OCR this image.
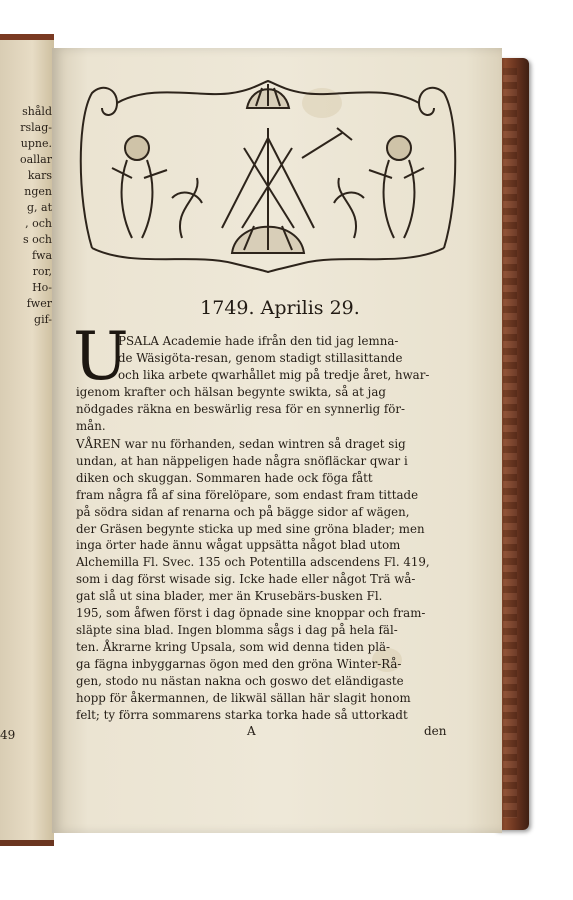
shåld
rslag-
upne.
oallar
kars
ngen
g, at
, och
s och
fwa
ror,
Ho-
fwer
gif-
49
1749. Aprilis 29.
U
PSALA Academie hade ifrån den tid jag lemna-
de Wäsigöta-resan, genom stadigt stillasittande
och lika arbete qwarhållet mig på tredje året, hwar-
igenom krafter och hälsan begynte swikta, så at jag
nödgades räkna en beswärlig resa för en synnerlig för-
mån.
VÅREN war nu förhanden, sedan wintren så draget sig
undan, at han näppeligen hade några snöfläckar qwar i
diken och skuggan. Sommaren hade ock föga fått
fram några få af sina förelöpare, som endast fram tittade
på södra sidan af renarna och på bägge sidor af wägen,
der Gräsen begynte sticka up med sine gröna blader; men
inga örter hade ännu wågat uppsätta något blad utom
Alchemilla Fl. Svec. 135 och Potentilla adscendens Fl. 419,
som i dag först wisade sig. Icke hade eller något Trä wå-
gat slå ut sina blader, mer än Krusebärs-busken Fl.
195, som åfwen först i dag öpnade sine knoppar och fram-
släpte sina blad. Ingen blomma sågs i dag på hela fäl-
ten. Åkrarne kring Upsala, som wid denna tiden plä-
ga fägna inbyggarnas ögon med den gröna Winter-Rå-
gen, stodo nu nästan nakna och goswo det eländigaste
hopp för åkermannen, de likwäl sällan här slagit honom
felt; ty förra sommarens starka torka hade så uttorkadt
A	den
